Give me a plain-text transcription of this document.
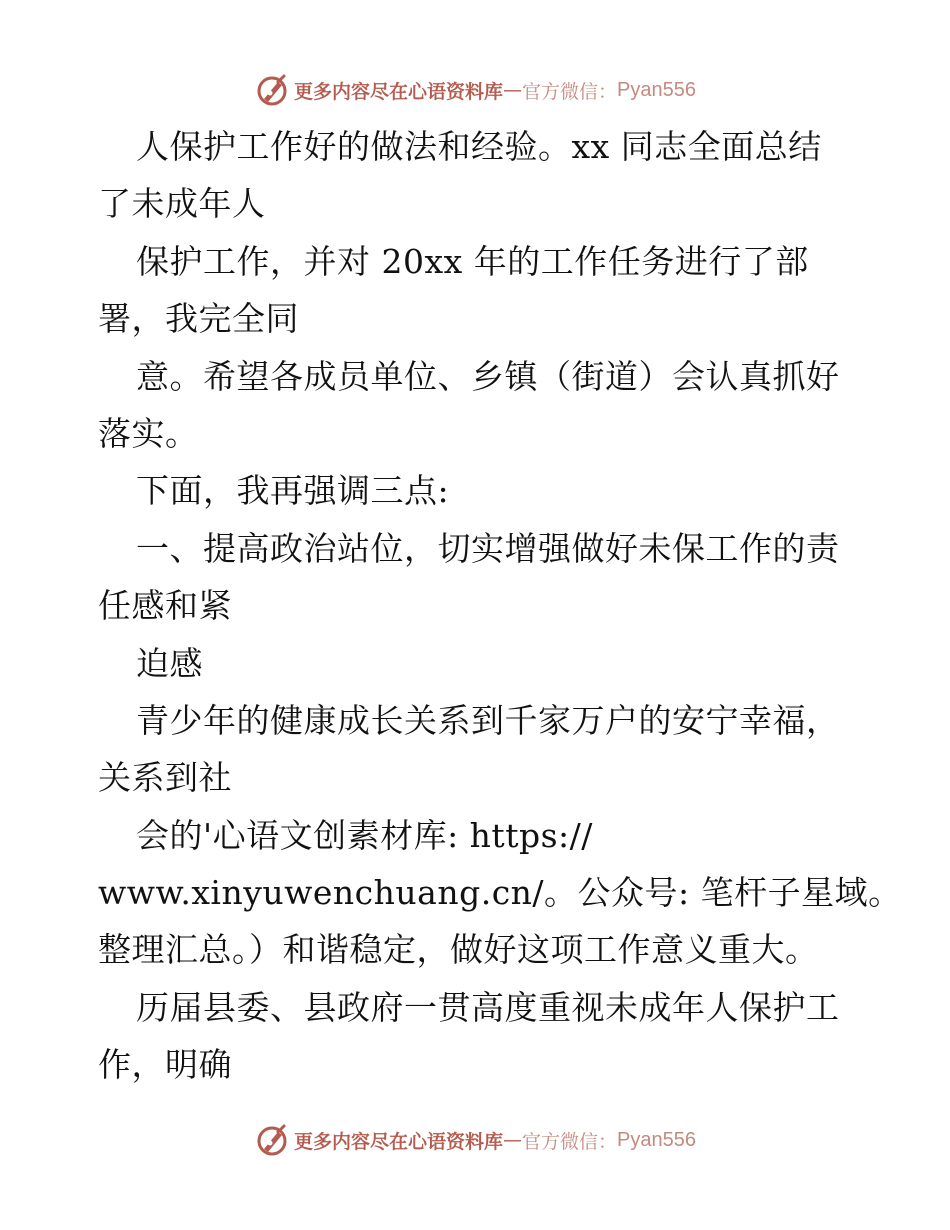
更多内容尽在心语资料库 — 官方微信： Pyan556
人保护工作好的做法和经验。xx 同志全面总结
了未成年人
保护工作，并对 20xx 年的工作任务进行了部
署，我完全同
意。希望各成员单位、乡镇（街道）会认真抓好
落实。
下面，我再强调三点:
一、提高政治站位，切实增强做好未保工作的责
任感和紧
迫感
青少年的健康成长关系到千家万户的安宁幸福，
关系到社
会的'心语文创素材库: https://
www.xinyuwenchuang.cn/。公众号: 笔杆子星域。
整理汇总。）和谐稳定，做好这项工作意义重大。
历届县委、县政府一贯高度重视未成年人保护工
作，明确
更多内容尽在心语资料库 — 官方微信： Pyan556
